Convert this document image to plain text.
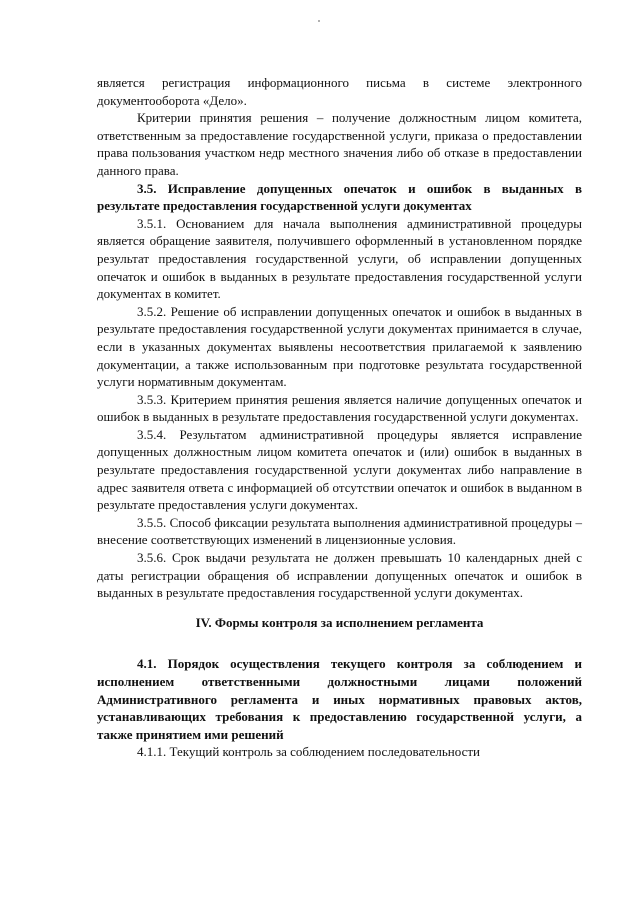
является регистрация информационного письма в системе электронного документооборота «Дело».

Критерии принятия решения – получение должностным лицом комитета, ответственным за предоставление государственной услуги, приказа о предоставлении права пользования участком недр местного значения либо об отказе в предоставлении данного права.

3.5. Исправление допущенных опечаток и ошибок в выданных в результате предоставления государственной услуги документах

3.5.1. Основанием для начала выполнения административной процедуры является обращение заявителя, получившего оформленный в установленном порядке результат предоставления государственной услуги, об исправлении допущенных опечаток и ошибок в выданных в результате предоставления государственной услуги документах в комитет.

3.5.2. Решение об исправлении допущенных опечаток и ошибок в выданных в результате предоставления государственной услуги документах принимается в случае, если в указанных документах выявлены несоответствия прилагаемой к заявлению документации, а также использованным при подготовке результата государственной услуги нормативным документам.

3.5.3. Критерием принятия решения является наличие допущенных опечаток и ошибок в выданных в результате предоставления государственной услуги документах.

3.5.4. Результатом административной процедуры является исправление допущенных должностным лицом комитета опечаток и (или) ошибок в выданных в результате предоставления государственной услуги документах либо направление в адрес заявителя ответа с информацией об отсутствии опечаток и ошибок в выданном в результате предоставления услуги документах.

3.5.5. Способ фиксации результата выполнения административной процедуры – внесение соответствующих изменений в лицензионные условия.

3.5.6. Срок выдачи результата не должен превышать 10 календарных дней с даты регистрации обращения об исправлении допущенных опечаток и ошибок в выданных в результате предоставления государственной услуги документах.

IV. Формы контроля за исполнением регламента

4.1. Порядок осуществления текущего контроля за соблюдением и исполнением ответственными должностными лицами положений Административного регламента и иных нормативных правовых актов, устанавливающих требования к предоставлению государственной услуги, а также принятием ими решений

4.1.1. Текущий контроль за соблюдением последовательности
